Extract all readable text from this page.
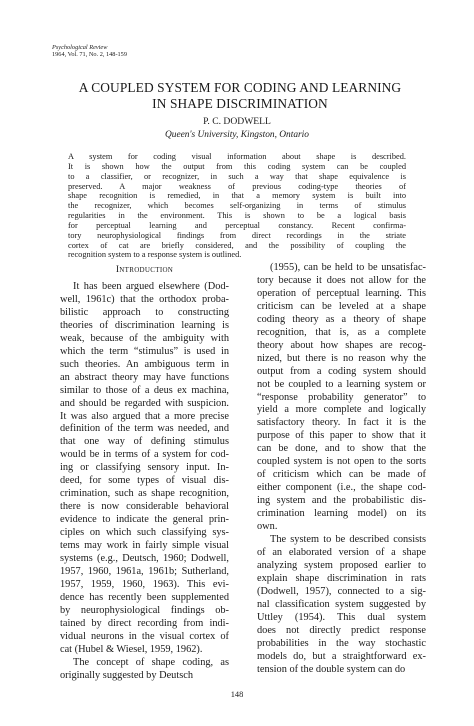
Psychological Review
1964, Vol. 71, No. 2, 148-159
A COUPLED SYSTEM FOR CODING AND LEARNING
IN SHAPE DISCRIMINATION
P. C. DODWELL
Queen's University, Kingston, Ontario
A system for coding visual information about shape is described.
It is shown how the output from this coding system can be coupled
to a classifier, or recognizer, in such a way that shape equivalence is
preserved. A major weakness of previous coding-type theories of
shape recognition is remedied, in that a memory system is built into
the recognizer, which becomes self-organizing in terms of stimulus
regularities in the environment. This is shown to be a logical basis
for perceptual learning and perceptual constancy. Recent confirma-
tory neurophysiological findings from direct recordings in the striate
cortex of cat are briefly considered, and the possibility of coupling the
recognition system to a response system is outlined.
Introduction
It has been argued elsewhere (Dod-
well, 1961c) that the orthodox proba-
bilistic approach to constructing
theories of discrimination learning is
weak, because of the ambiguity with
which the term “stimulus” is used in
such theories. An ambiguous term in
an abstract theory may have functions
similar to those of a deus ex machina,
and should be regarded with suspicion.
It was also argued that a more precise
definition of the term was needed, and
that one way of defining stimulus
would be in terms of a system for cod-
ing or classifying sensory input. In-
deed, for some types of visual dis-
crimination, such as shape recognition,
there is now considerable behavioral
evidence to indicate the general prin-
ciples on which such classifying sys-
tems may work in fairly simple visual
systems (e.g., Deutsch, 1960; Dodwell,
1957, 1960, 1961a, 1961b; Sutherland,
1957, 1959, 1960, 1963). This evi-
dence has recently been supplemented
by neurophysiological findings ob-
tained by direct recording from indi-
vidual neurons in the visual cortex of
cat (Hubel & Wiesel, 1959, 1962).
The concept of shape coding, as
originally suggested by Deutsch
(1955), can be held to be unsatisfac-
tory because it does not allow for the
operation of perceptual learning. This
criticism can be leveled at a shape
coding theory as a theory of shape
recognition, that is, as a complete
theory about how shapes are recog-
nized, but there is no reason why the
output from a coding system should
not be coupled to a learning system or
“response probability generator” to
yield a more complete and logically
satisfactory theory. In fact it is the
purpose of this paper to show that it
can be done, and to show that the
coupled system is not open to the sorts
of criticism which can be made of
either component (i.e., the shape cod-
ing system and the probabilistic dis-
crimination learning model) on its
own.
The system to be described consists
of an elaborated version of a shape
analyzing system proposed earlier to
explain shape discrimination in rats
(Dodwell, 1957), connected to a sig-
nal classification system suggested by
Uttley (1954). This dual system
does not directly predict response
probabilities in the way stochastic
models do, but a straightforward ex-
tension of the double system can do
148
